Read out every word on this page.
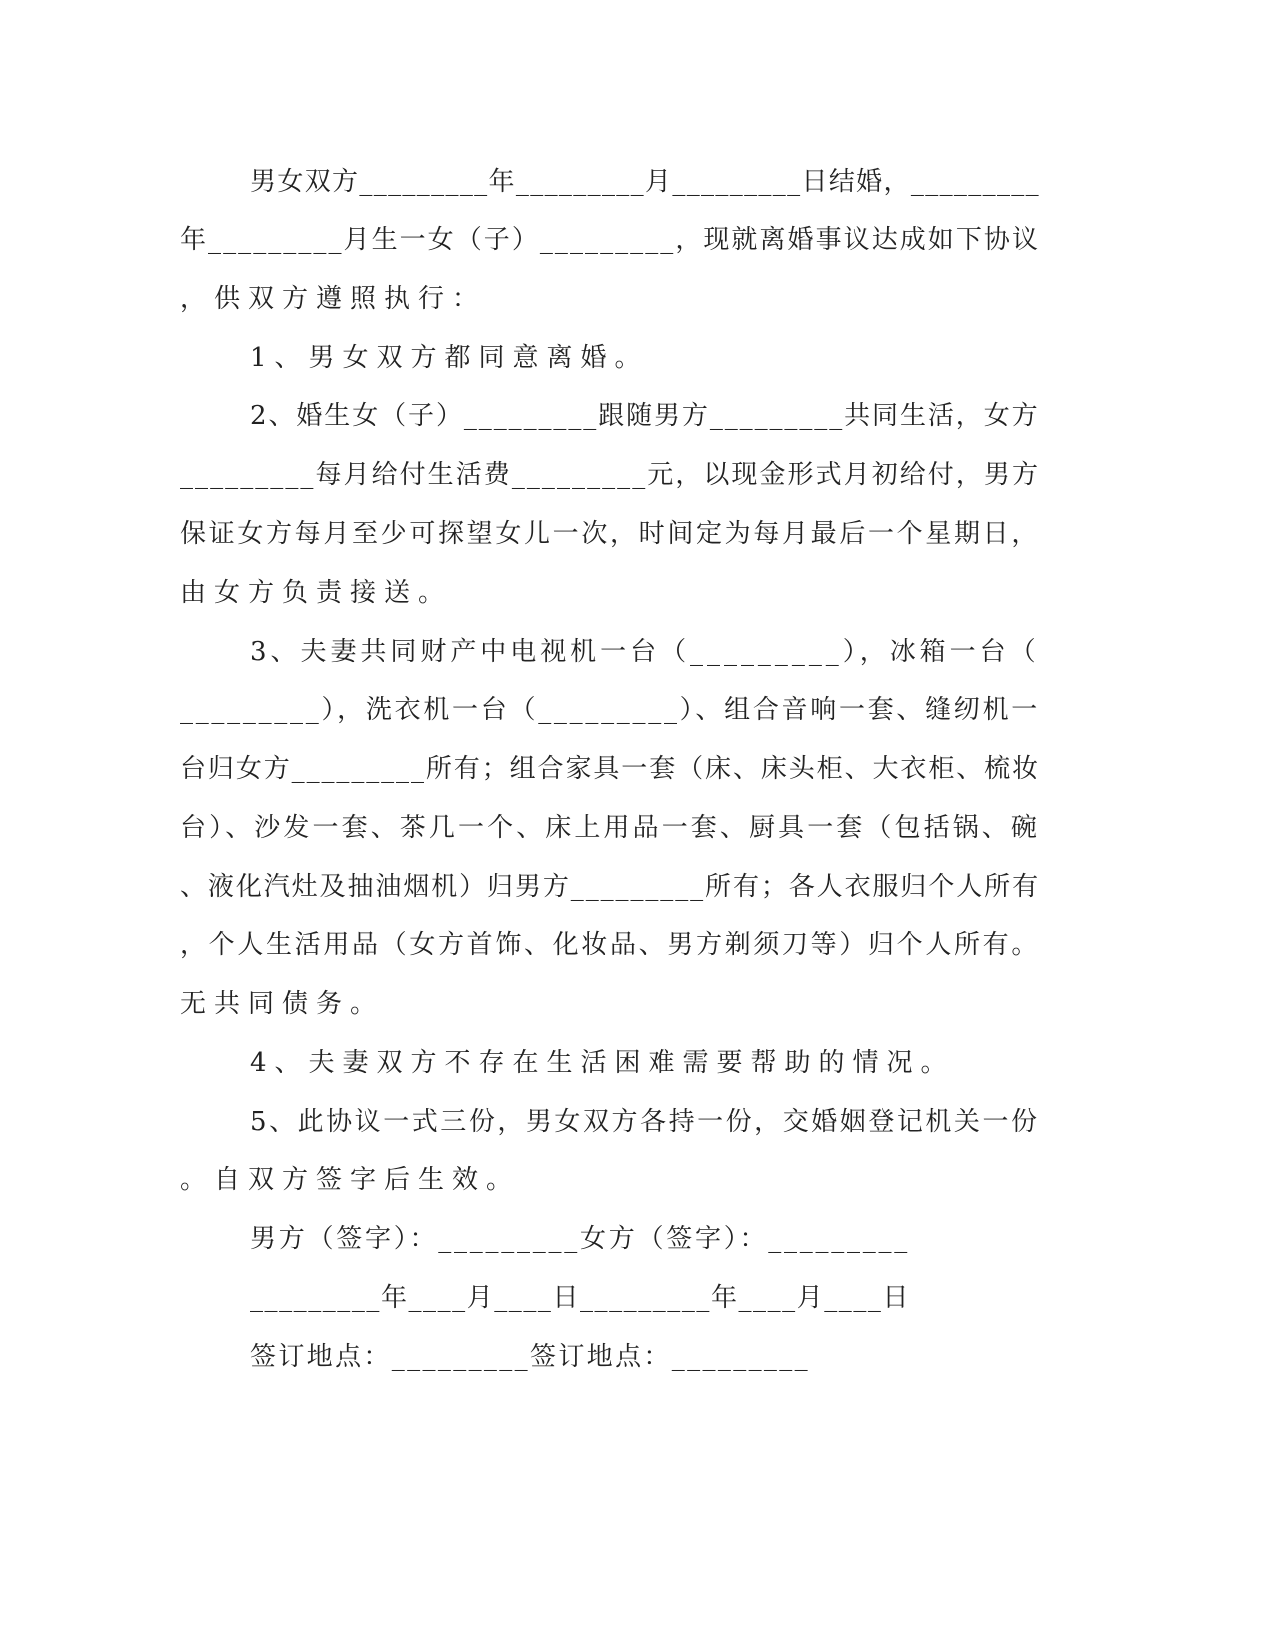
男女双方_________年_________月_________日结婚，_________
年_________月生一女（子）_________，现就离婚事议达成如下协议
，供双方遵照执行：
1、男女双方都同意离婚。
2、婚生女（子）_________跟随男方_________共同生活，女方
_________每月给付生活费_________元，以现金形式月初给付，男方
保证女方每月至少可探望女儿一次，时间定为每月最后一个星期日，
由女方负责接送。
3、夫妻共同财产中电视机一台（_________），冰箱一台（
_________），洗衣机一台（_________）、组合音响一套、缝纫机一
台归女方_________所有；组合家具一套（床、床头柜、大衣柜、梳妆
台）、沙发一套、茶几一个、床上用品一套、厨具一套（包括锅、碗
、液化汽灶及抽油烟机）归男方_________所有；各人衣服归个人所有
，个人生活用品（女方首饰、化妆品、男方剃须刀等）归个人所有。
无共同债务。
4、夫妻双方不存在生活困难需要帮助的情况。
5、此协议一式三份，男女双方各持一份，交婚姻登记机关一份
。自双方签字后生效。
男方（签字）：_________女方（签字）：_________
_________年____月____日_________年____月____日
签订地点：_________签订地点：_________
